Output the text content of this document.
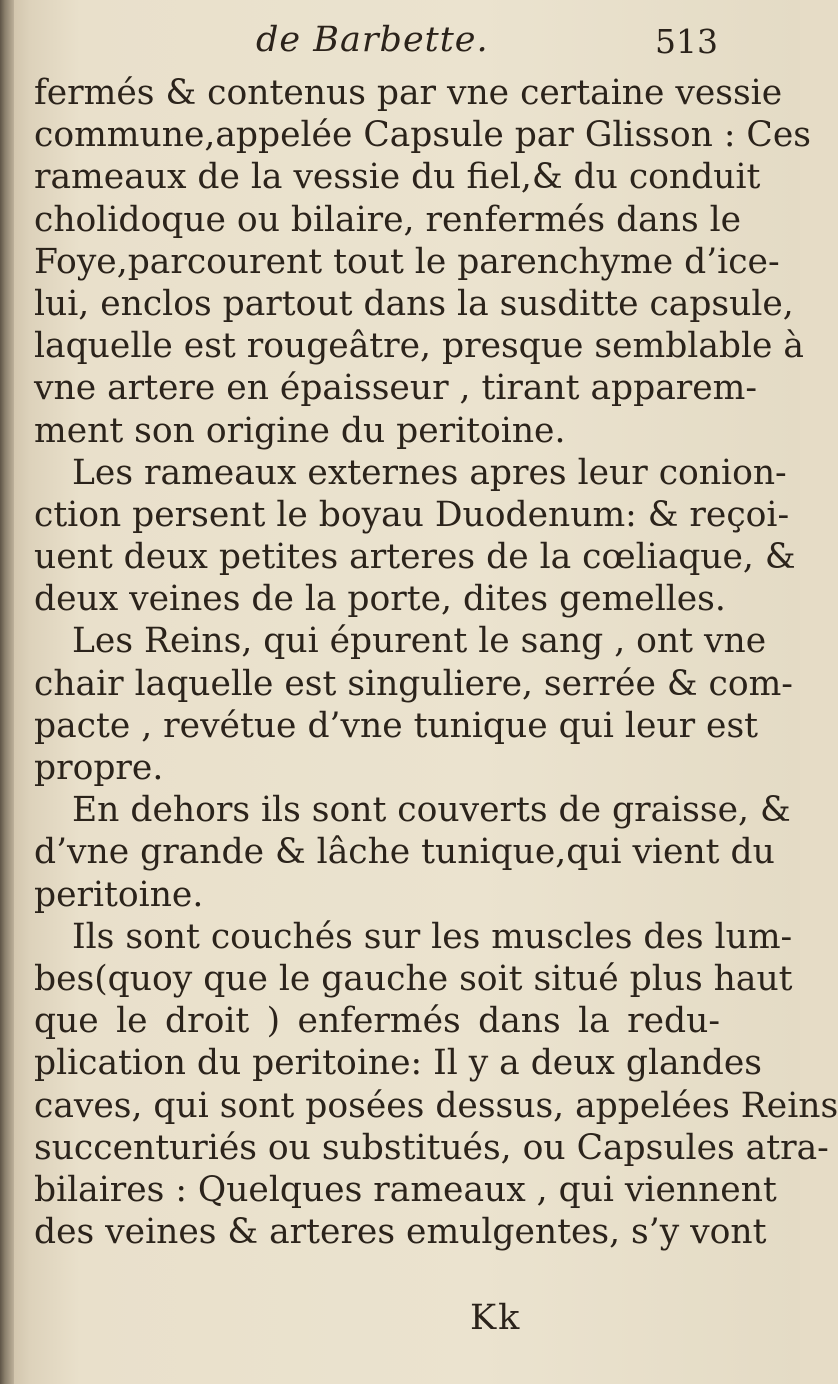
de Barbette.	513
fermés & contenus par vne certaine vessie
commune,appelée Capsule par Glisson : Ces
rameaux de la vessie du fiel,& du conduit
cholidoque ou bilaire, renfermés dans le
Foye,parcourent tout le parenchyme d’ice-
lui, enclos partout dans la susditte capsule,
laquelle est rougeâtre, presque semblable à
vne artere en épaisseur , tirant apparem-
ment son origine du peritoine.
Les rameaux externes apres leur conion-
ction persent le boyau Duodenum: & reçoi-
uent deux petites arteres de la cœliaque, &
deux veines de la porte, dites gemelles.
Les Reins, qui épurent le sang , ont vne
chair laquelle est singuliere, serrée & com-
pacte , revétue d’vne tunique qui leur est
propre.
En dehors ils sont couverts de graisse, &
d’vne grande & lâche tunique,qui vient du
peritoine.
Ils sont couchés sur les muscles des lum-
bes(quoy que le gauche soit situé plus haut
que le droit ) enfermés dans la redu-
plication du peritoine: Il y a deux glandes
caves, qui sont posées dessus, appelées Reins
succenturiés ou substitués, ou Capsules atra-
bilaires : Quelques rameaux , qui viennent
des veines & arteres emulgentes, s’y vont
Kk
